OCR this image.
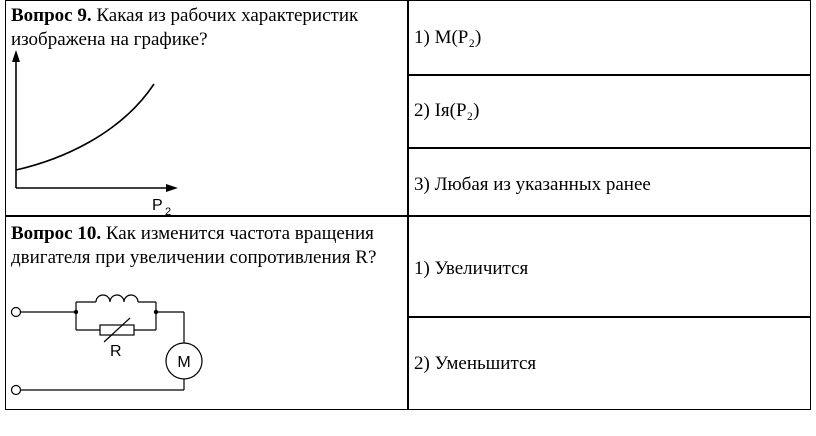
Вопрос 9. Какая из рабочих характеристик изображена на графике?
P 2
1) М(Р₂)
2) Iя(Р₂)
3) Любая из указанных ранее
Вопрос 10. Как изменится частота вращения двигателя при увеличении сопротивления R?
R
M
1) Увеличится
2) Уменьшится
